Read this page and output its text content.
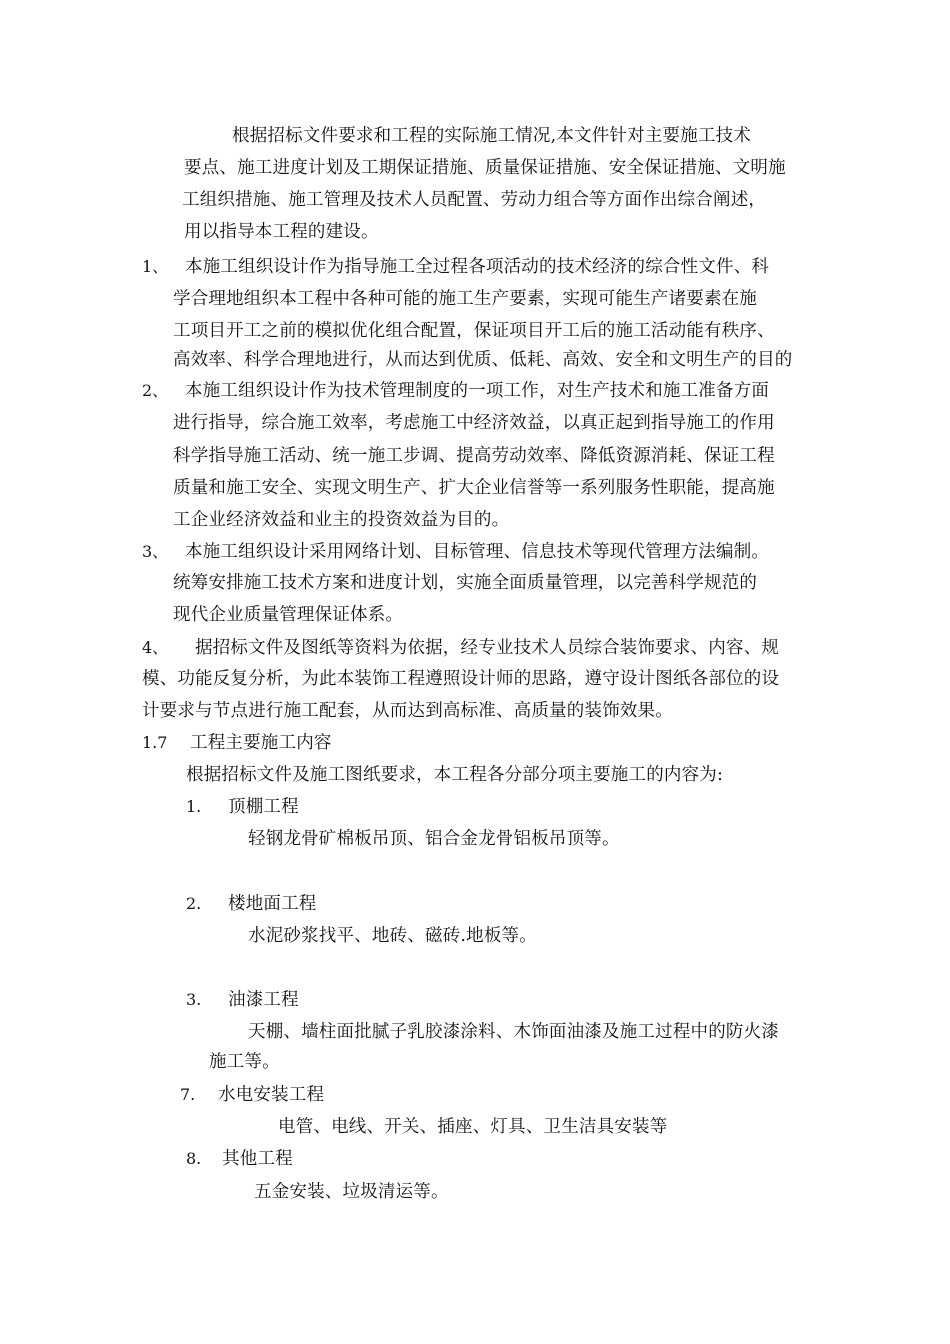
根据招标文件要求和工程的实际施工情况,本文件针对主要施工技术
要点、施工进度计划及工期保证措施、质量保证措施、安全保证措施、文明施
工组织措施、施工管理及技术人员配置、劳动力组合等方面作出综合阐述，
用以指导本工程的建设。
1、 本施工组织设计作为指导施工全过程各项活动的技术经济的综合性文件、科
学合理地组织本工程中各种可能的施工生产要素，实现可能生产诸要素在施
工项目开工之前的模拟优化组合配置，保证项目开工后的施工活动能有秩序、
高效率、科学合理地进行，从而达到优质、低耗、高效、安全和文明生产的目的
2、 本施工组织设计作为技术管理制度的一项工作，对生产技术和施工准备方面
进行指导，综合施工效率，考虑施工中经济效益，以真正起到指导施工的作用
科学指导施工活动、统一施工步调、提高劳动效率、降低资源消耗、保证工程
质量和施工安全、实现文明生产、扩大企业信誉等一系列服务性职能，提高施
工企业经济效益和业主的投资效益为目的。
3、 本施工组织设计采用网络计划、目标管理、信息技术等现代管理方法编制。
统筹安排施工技术方案和进度计划，实施全面质量管理，以完善科学规范的
现代企业质量管理保证体系。
4、 据招标文件及图纸等资料为依据，经专业技术人员综合装饰要求、内容、规
模、功能反复分析，为此本装饰工程遵照设计师的思路，遵守设计图纸各部位的设
计要求与节点进行施工配套，从而达到高标准、高质量的装饰效果。
1.7 工程主要施工内容
根据招标文件及施工图纸要求，本工程各分部分项主要施工的内容为:
1. 顶棚工程
轻钢龙骨矿棉板吊顶、铝合金龙骨铝板吊顶等。
2. 楼地面工程
水泥砂浆找平、地砖、磁砖.地板等。
3. 油漆工程
天棚、墙柱面批腻子乳胶漆涂料、木饰面油漆及施工过程中的防火漆
施工等。
7. 水电安装工程
电管、电线、开关、插座、灯具、卫生洁具安装等
8. 其他工程
五金安装、垃圾清运等。
